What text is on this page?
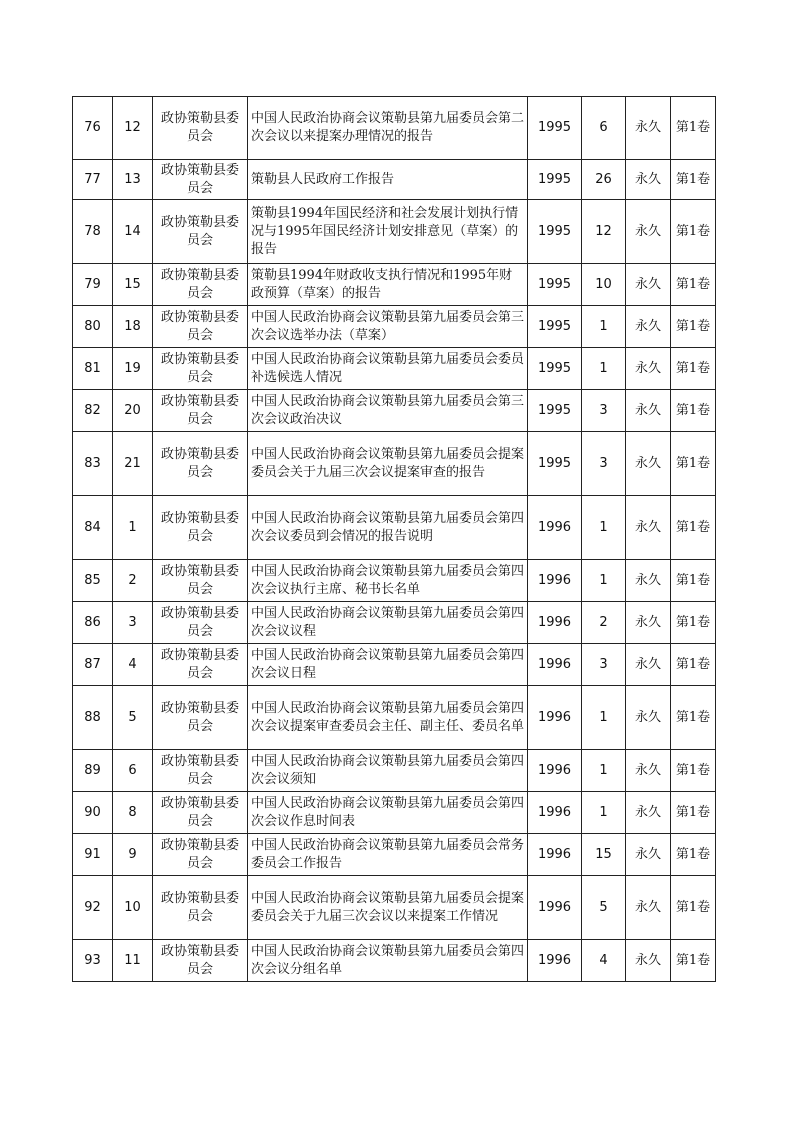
76	12	政协策勒县委员会	中国人民政治协商会议策勒县第九届委员会第二次会议以来提案办理情况的报告	1995	6	永久	第1卷
77	13	政协策勒县委员会	策勒县人民政府工作报告	1995	26	永久	第1卷
78	14	政协策勒县委员会	策勒县1994年国民经济和社会发展计划执行情况与1995年国民经济计划安排意见（草案）的报告	1995	12	永久	第1卷
79	15	政协策勒县委员会	策勒县1994年财政收支执行情况和1995年财政预算（草案）的报告	1995	10	永久	第1卷
80	18	政协策勒县委员会	中国人民政治协商会议策勒县第九届委员会第三次会议选举办法（草案）	1995	1	永久	第1卷
81	19	政协策勒县委员会	中国人民政治协商会议策勒县第九届委员会委员补选候选人情况	1995	1	永久	第1卷
82	20	政协策勒县委员会	中国人民政治协商会议策勒县第九届委员会第三次会议政治决议	1995	3	永久	第1卷
83	21	政协策勒县委员会	中国人民政治协商会议策勒县第九届委员会提案委员会关于九届三次会议提案审查的报告	1995	3	永久	第1卷
84	1	政协策勒县委员会	中国人民政治协商会议策勒县第九届委员会第四次会议委员到会情况的报告说明	1996	1	永久	第1卷
85	2	政协策勒县委员会	中国人民政治协商会议策勒县第九届委员会第四次会议执行主席、秘书长名单	1996	1	永久	第1卷
86	3	政协策勒县委员会	中国人民政治协商会议策勒县第九届委员会第四次会议议程	1996	2	永久	第1卷
87	4	政协策勒县委员会	中国人民政治协商会议策勒县第九届委员会第四次会议日程	1996	3	永久	第1卷
88	5	政协策勒县委员会	中国人民政治协商会议策勒县第九届委员会第四次会议提案审查委员会主任、副主任、委员名单	1996	1	永久	第1卷
89	6	政协策勒县委员会	中国人民政治协商会议策勒县第九届委员会第四次会议须知	1996	1	永久	第1卷
90	8	政协策勒县委员会	中国人民政治协商会议策勒县第九届委员会第四次会议作息时间表	1996	1	永久	第1卷
91	9	政协策勒县委员会	中国人民政治协商会议策勒县第九届委员会常务委员会工作报告	1996	15	永久	第1卷
92	10	政协策勒县委员会	中国人民政治协商会议策勒县第九届委员会提案委员会关于九届三次会议以来提案工作情况	1996	5	永久	第1卷
93	11	政协策勒县委员会	中国人民政治协商会议策勒县第九届委员会第四次会议分组名单	1996	4	永久	第1卷
